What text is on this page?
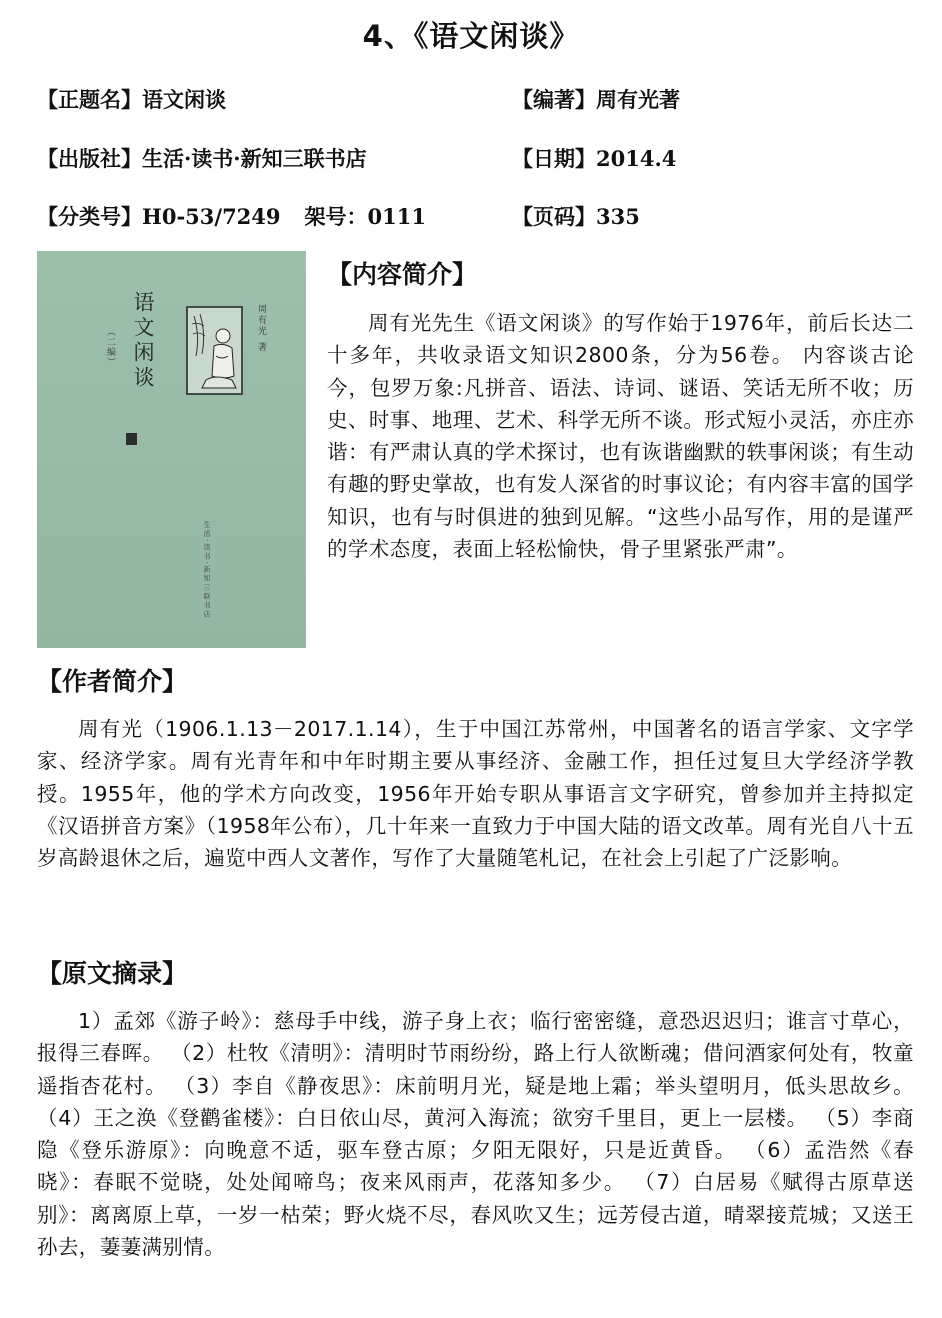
4、《语文闲谈》
【正题名】语文闲谈	【编著】周有光著
【出版社】生活·读书·新知三联书店	【日期】2014.4
【分类号】H0-53/7249 架号：0111	【页码】335
语文闲谈
（二编）	周有光 著
生活·读书·新知三联书店
【内容简介】

周有光先生《语文闲谈》的写作始于1976年，前后长达二十多年，共收录语文知识2800条，分为56卷。 内容谈古论今，包罗万象:凡拼音、语法、诗词、谜语、笑话无所不收；历史、时事、地理、艺术、科学无所不谈。形式短小灵活，亦庄亦谐：有严肃认真的学术探讨，也有诙谐幽默的轶事闲谈；有生动有趣的野史掌故，也有发人深省的时事议论；有内容丰富的国学知识，也有与时俱进的独到见解。“这些小品写作，用的是谨严的学术态度，表面上轻松愉快，骨子里紧张严肃”。

【作者简介】

周有光（1906.1.13－2017.1.14），生于中国江苏常州，中国著名的语言学家、文字学家、经济学家。周有光青年和中年时期主要从事经济、金融工作，担任过复旦大学经济学教授。1955年，他的学术方向改变，1956年开始专职从事语言文字研究，曾参加并主持拟定《汉语拼音方案》（1958年公布），几十年来一直致力于中国大陆的语文改革。周有光自八十五岁高龄退休之后，遍览中西人文著作，写作了大量随笔札记，在社会上引起了广泛影响。

【原文摘录】

1）孟郊《游子岭》：慈母手中线，游子身上衣；临行密密缝，意恐迟迟归；谁言寸草心，报得三春晖。 （2）杜牧《清明》：清明时节雨纷纷，路上行人欲断魂；借问酒家何处有，牧童遥指杏花村。 （3）李自《静夜思》：床前明月光，疑是地上霜；举头望明月，低头思故乡。 （4）王之涣《登鹳雀楼》：白日依山尽，黄河入海流；欲穷千里目，更上一层楼。 （5）李商隐《登乐游原》：向晚意不适，驱车登古原；夕阳无限好，只是近黄昏。 （6）孟浩然《春晓》：春眠不觉晓，处处闻啼鸟；夜来风雨声，花落知多少。 （7）白居易《赋得古原草送别》：离离原上草，一岁一枯荣；野火烧不尽，春风吹又生；远芳侵古道，晴翠接荒城；又送王孙去，萋萋满别情。
